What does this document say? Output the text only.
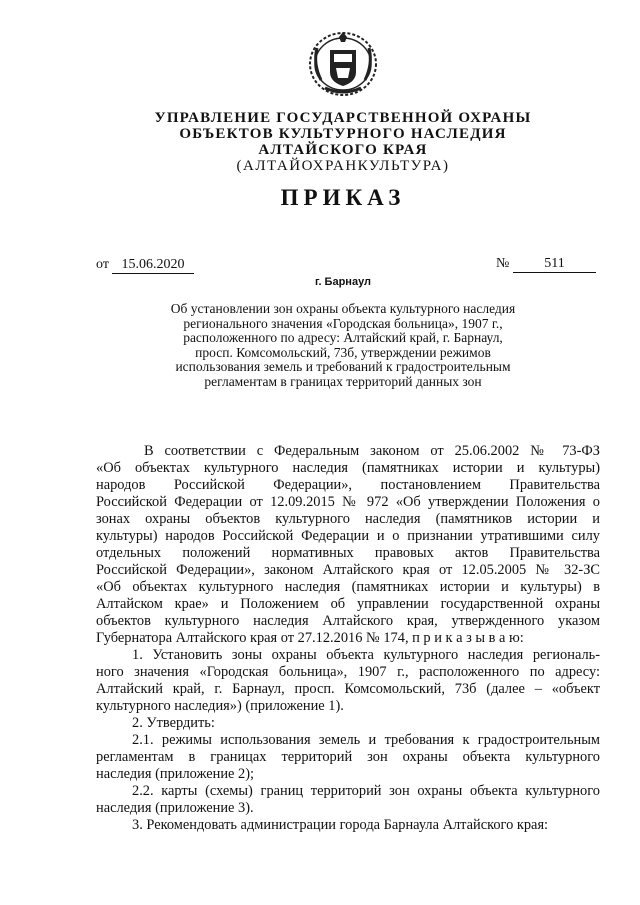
УПРАВЛЕНИЕ ГОСУДАРСТВЕННОЙ ОХРАНЫ
ОБЪЕКТОВ КУЛЬТУРНОГО НАСЛЕДИЯ
АЛТАЙСКОГО КРАЯ
(АЛТАЙОХРАНКУЛЬТУРА)
ПРИКАЗ
от 15.06.2020	№	511
г. Барнаул
Об установлении зон охраны объекта культурного наследия
регионального значения «Городская больница», 1907 г.,
расположенного по адресу: Алтайский край, г. Барнаул,
просп. Комсомольский, 73б, утверждении режимов
использования земель и требований к градостроительным
регламентам в границах территорий данных зон
В соответствии с Федеральным законом от 25.06.2002 № 73-ФЗ
«Об объектах культурного наследия (памятниках истории и культуры)
народов Российской Федерации», постановлением Правительства
Российской Федерации от 12.09.2015 № 972 «Об утверждении Положения о
зонах охраны объектов культурного наследия (памятников истории и
культуры) народов Российской Федерации и о признании утратившими силу
отдельных положений нормативных правовых актов Правительства
Российской Федерации», законом Алтайского края от 12.05.2005 № 32-ЗС
«Об объектах культурного наследия (памятниках истории и культуры) в
Алтайском крае» и Положением об управлении государственной охраны
объектов культурного наследия Алтайского края, утвержденного указом
Губернатора Алтайского края от 27.12.2016 № 174, п р и к а з ы в а ю:
1. Установить зоны охраны объекта культурного наследия региональ-
ного значения «Городская больница», 1907 г., расположенного по адресу:
Алтайский край, г. Барнаул, просп. Комсомольский, 73б (далее – «объект
культурного наследия») (приложение 1).
2. Утвердить:
2.1. режимы использования земель и требования к градостроительным
регламентам в границах территорий зон охраны объекта культурного
наследия (приложение 2);
2.2. карты (схемы) границ территорий зон охраны объекта культурного
наследия (приложение 3).
3. Рекомендовать администрации города Барнаула Алтайского края:
